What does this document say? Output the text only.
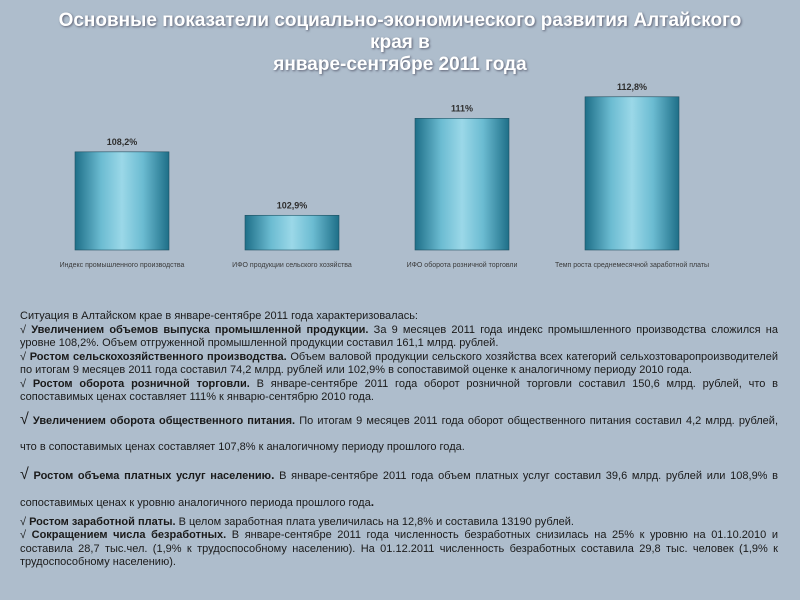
Основные показатели социально-экономического развития Алтайского края в
январе-сентябре 2011 года
108,2%
102,9%
111%
112,8%
Индекс промышленного производства	ИФО продукции сельского хозяйства	ИФО оборота розничной торговли	Темп роста среднемесячной заработной платы

Ситуация в Алтайском крае в январе-сентябре 2011 года характеризовалась:

√ Увеличением объемов выпуска промышленной продукции. За 9 месяцев 2011 года индекс промышленного производства сложился на уровне 108,2%. Объем отгруженной промышленной продукции составил 161,1 млрд. рублей.

√ Ростом сельскохозяйственного производства. Объем валовой продукции сельского хозяйства всех категорий сельхозтоваропроизводителей по итогам 9 месяцев 2011 года составил 74,2 млрд. рублей или 102,9% в сопоставимой оценке к аналогичному периоду 2010 года.

√ Ростом оборота розничной торговли. В январе-сентябре 2011 года оборот розничной торговли составил 150,6 млрд. рублей, что в сопоставимых ценах составляет 111% к январю-сентябрю 2010 года.

√ Увеличением оборота общественного питания. По итогам 9 месяцев 2011 года оборот общественного питания составил 4,2 млрд. рублей, что в сопоставимых ценах составляет 107,8% к аналогичному периоду прошлого года.

√ Ростом объема платных услуг населению. В январе-сентябре 2011 года объем платных услуг составил 39,6 млрд. рублей или 108,9% в сопоставимых ценах к уровню аналогичного периода прошлого года.

√ Ростом заработной платы. В целом заработная плата увеличилась на 12,8% и составила 13190 рублей.

√ Сокращением числа безработных. В январе-сентябре 2011 года численность безработных снизилась на 25% к уровню на 01.10.2010 и составила 28,7 тыс.чел. (1,9% к трудоспособному населению). На 01.12.2011 численность безработных составила 29,8 тыс. человек (1,9% к трудоспособному населению).
